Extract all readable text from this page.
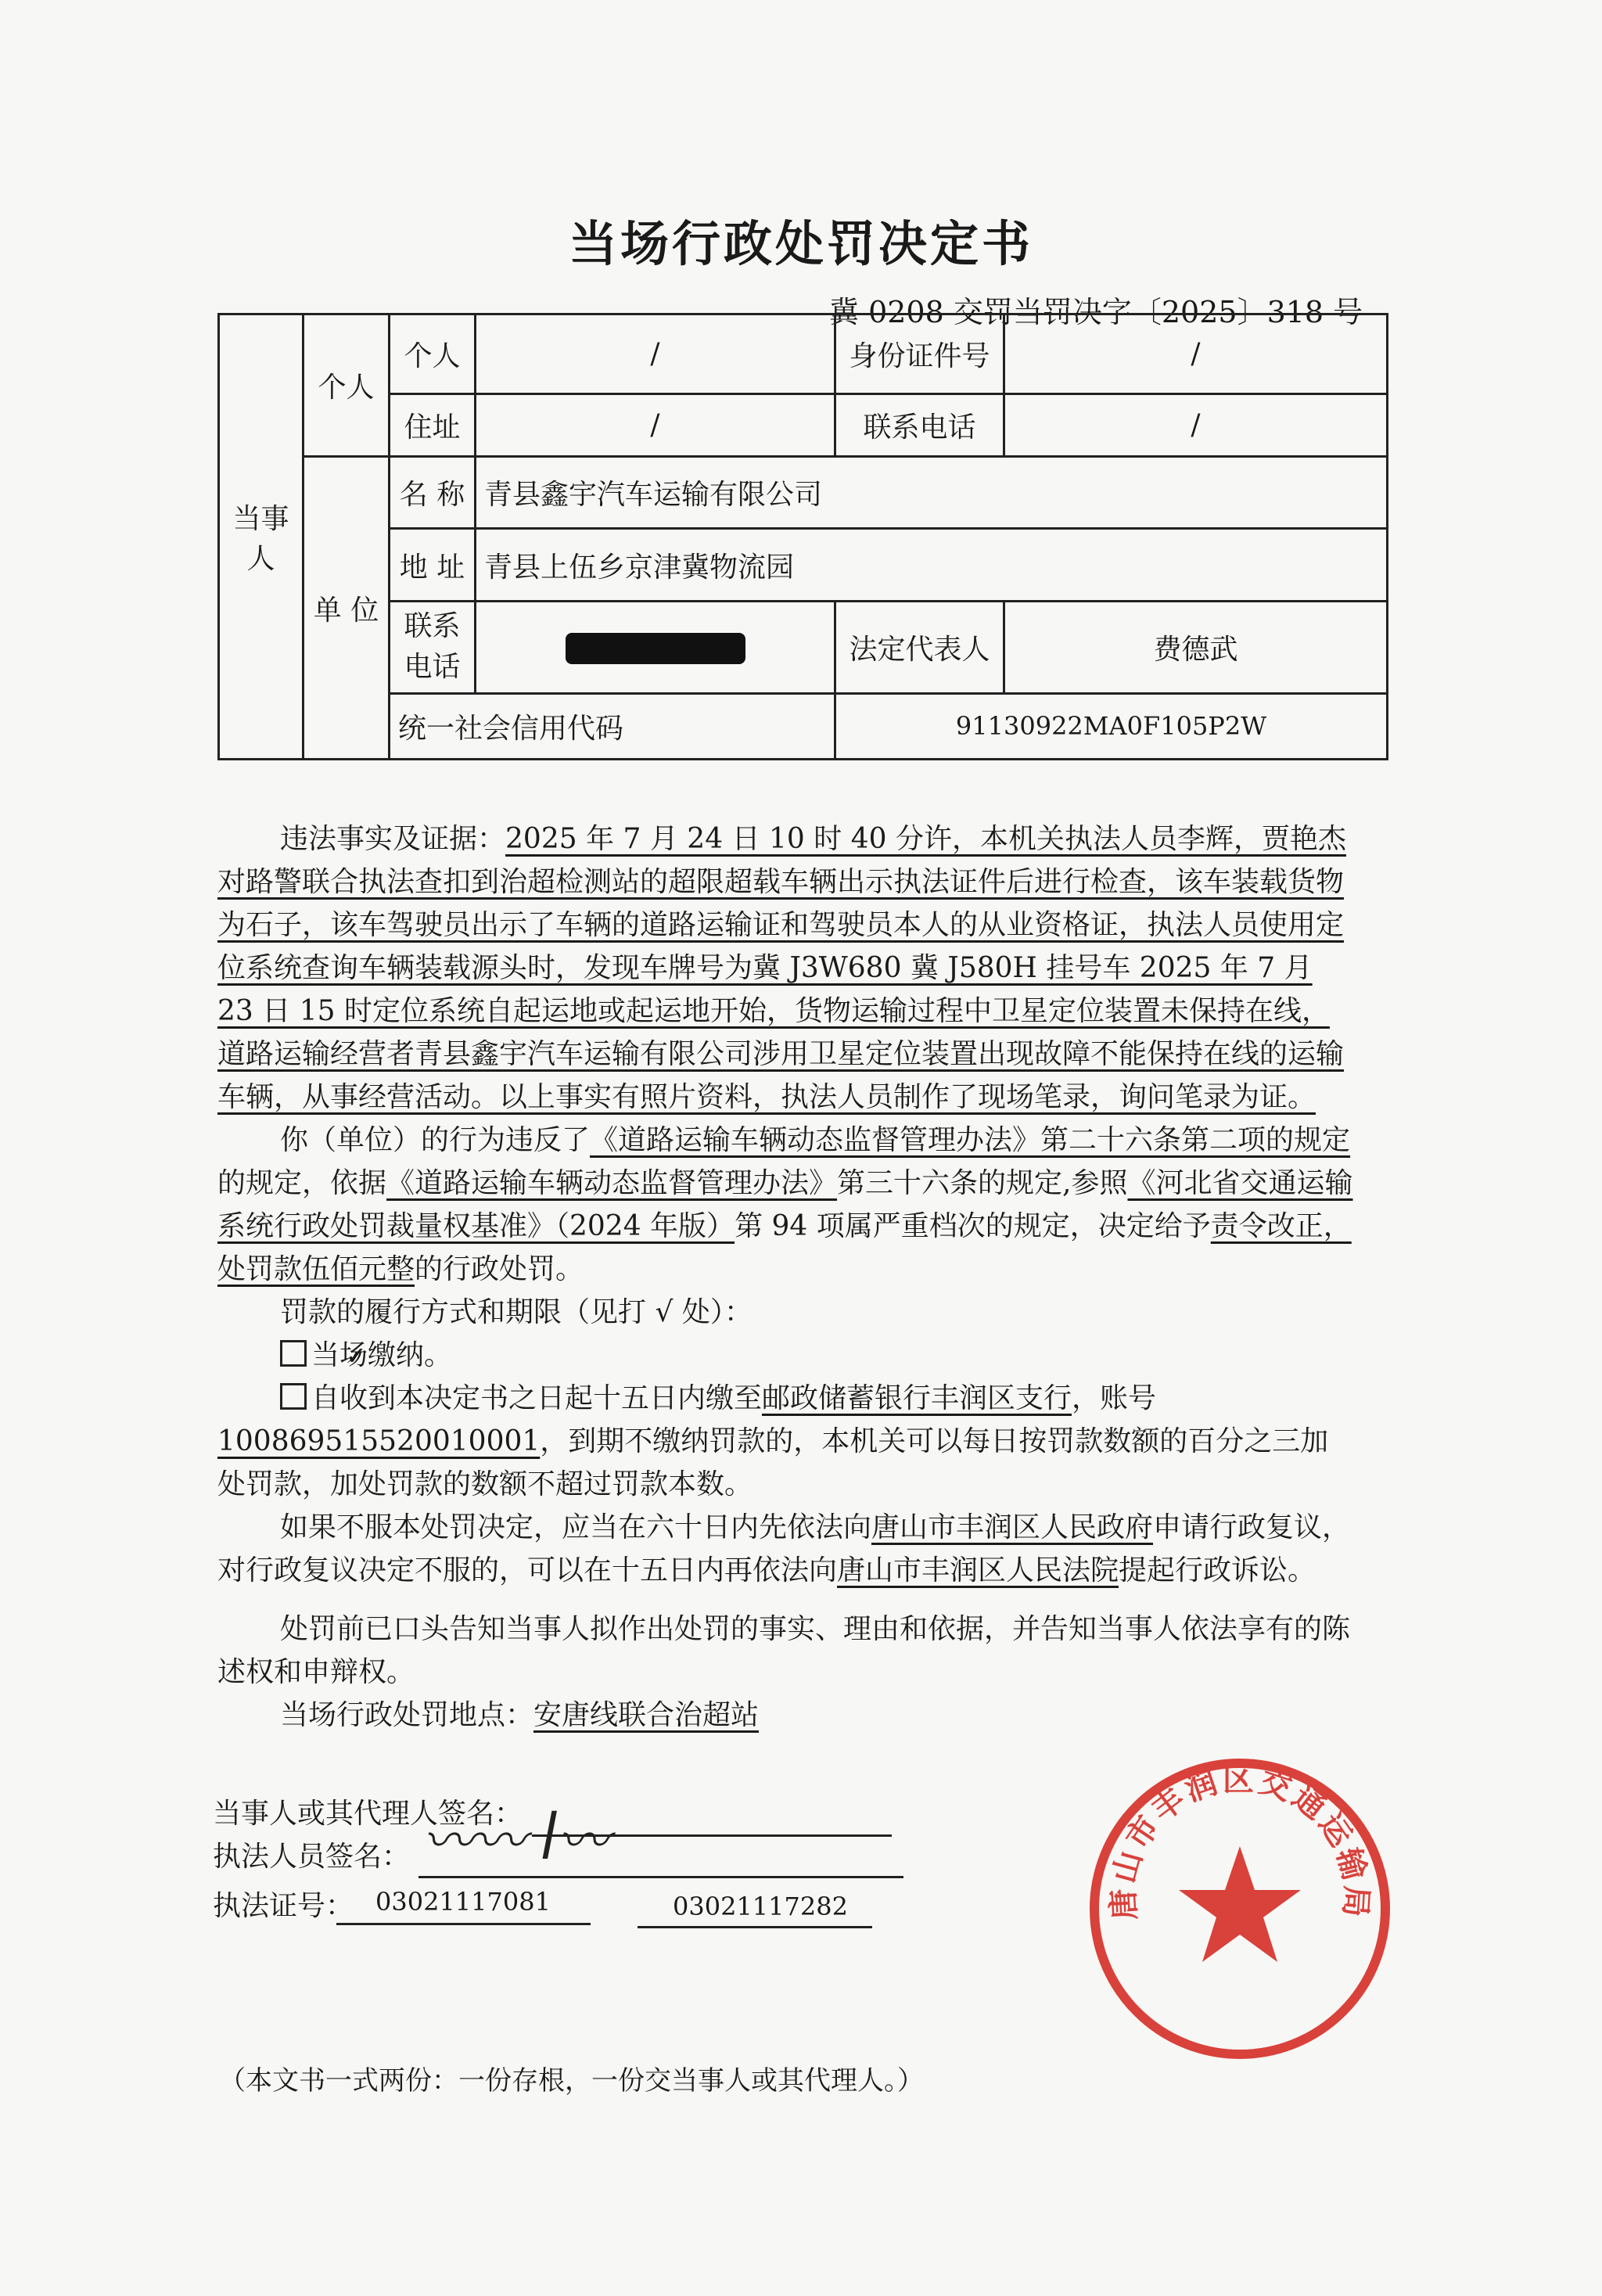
当场行政处罚决定书
冀 0208 交罚当罚决字〔2025〕318 号
当事人	个人	个人	/	身份证件号	/
		住址	/	联系电话	/
	单 位	名 称	青县鑫宇汽车运输有限公司		
		地 址	青县上伍乡京津冀物流园		
		联系电话		法定代表人	费德武
		统一社会信用代码		91130922MA0F105P2W	

违法事实及证据：2025 年 7 月 24 日 10 时 40 分许，本机关执法人员李辉，贾艳杰对路警联合执法查扣到治超检测站的超限超载车辆出示执法证件后进行检查，该车装载货物为石子，该车驾驶员出示了车辆的道路运输证和驾驶员本人的从业资格证，执法人员使用定位系统查询车辆装载源头时，发现车牌号为冀 J3W680 冀 J580H 挂号车 2025 年 7 月 23 日 15 时定位系统自起运地或起运地开始，货物运输过程中卫星定位装置未保持在线，道路运输经营者青县鑫宇汽车运输有限公司涉用卫星定位装置出现故障不能保持在线的运输车辆，从事经营活动。以上事实有照片资料，执法人员制作了现场笔录，询问笔录为证。

你（单位）的行为违反了《道路运输车辆动态监督管理办法》第二十六条第二项的规定的规定，依据《道路运输车辆动态监督管理办法》第三十六条的规定,参照《河北省交通运输系统行政处罚裁量权基准》（2024 年版）第 94 项属严重档次的规定，决定给予责令改正，处罚款伍佰元整的行政处罚。

罚款的履行方式和期限（见打 √ 处）：

✓当场缴纳。

自收到本决定书之日起十五日内缴至邮政储蓄银行丰润区支行，账号100869515520010001，到期不缴纳罚款的，本机关可以每日按罚款数额的百分之三加处罚款，加处罚款的数额不超过罚款本数。

如果不服本处罚决定，应当在六十日内先依法向唐山市丰润区人民政府申请行政复议，对行政复议决定不服的，可以在十五日内再依法向唐山市丰润区人民法院提起行政诉讼。

处罚前已口头告知当事人拟作出处罚的事实、理由和依据，并告知当事人依法享有的陈述权和申辩权。

当场行政处罚地点：安唐线联合治超站

当事人或其代理人签名：
执法人员签名： 〰〰 ꟾ〰
执法证号： 03021117081	03021117282
（本文书一式两份：一份存根，一份交当事人或其代理人。）
唐山市丰润区交通运输局
